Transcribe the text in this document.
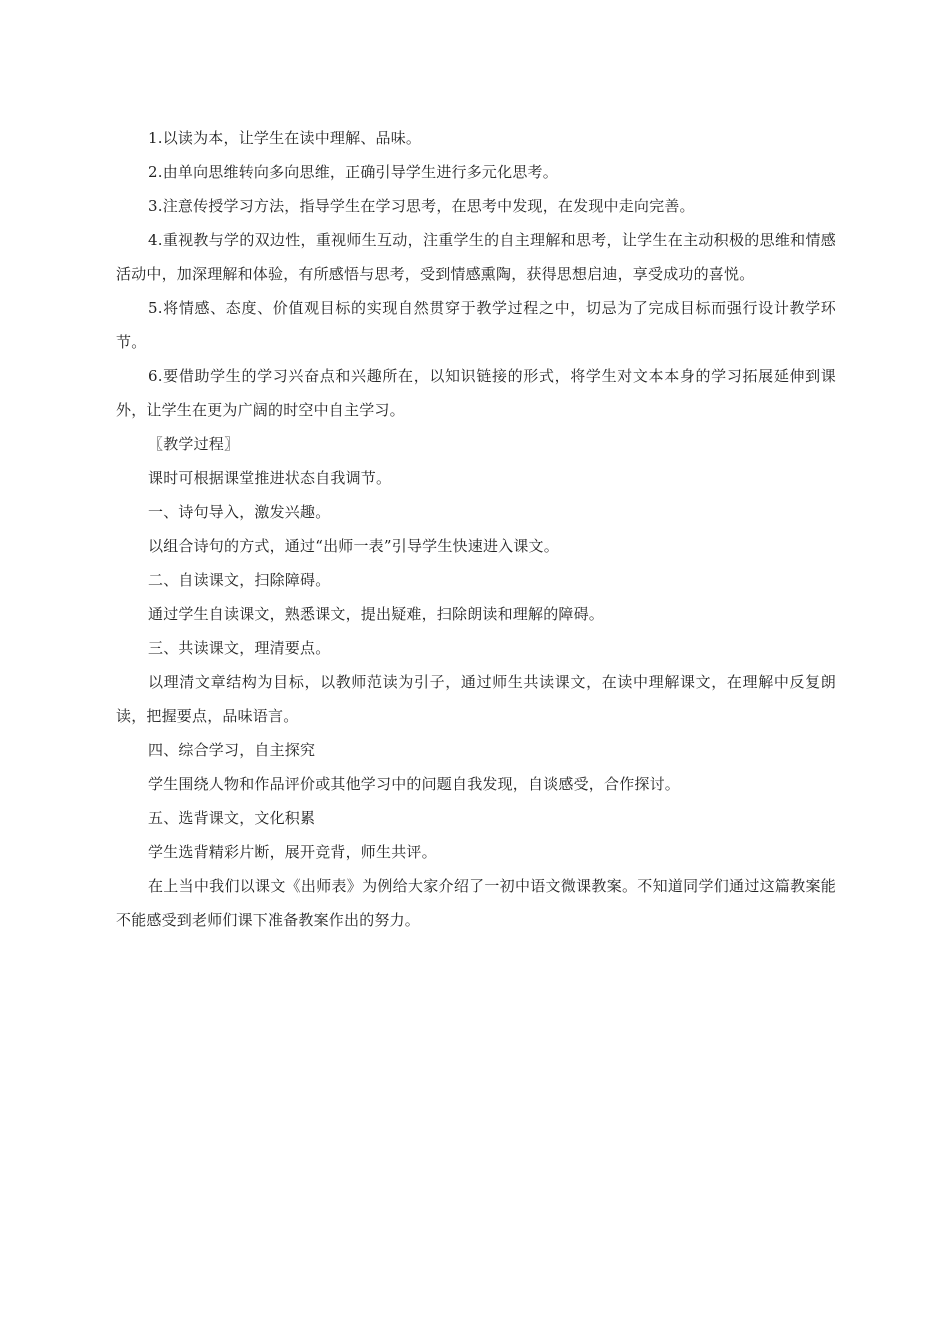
1.以读为本，让学生在读中理解、品味。

2.由单向思维转向多向思维，正确引导学生进行多元化思考。

3.注意传授学习方法，指导学生在学习思考，在思考中发现，在发现中走向完善。

4.重视教与学的双边性，重视师生互动，注重学生的自主理解和思考，让学生在主动积极的思维和情感活动中，加深理解和体验，有所感悟与思考，受到情感熏陶，获得思想启迪，享受成功的喜悦。

5.将情感、态度、价值观目标的实现自然贯穿于教学过程之中，切忌为了完成目标而强行设计教学环节。

6.要借助学生的学习兴奋点和兴趣所在，以知识链接的形式，将学生对文本本身的学习拓展延伸到课外，让学生在更为广阔的时空中自主学习。

〖教学过程〗

课时可根据课堂推进状态自我调节。

一、诗句导入，激发兴趣。

以组合诗句的方式，通过“出师一表”引导学生快速进入课文。

二、自读课文，扫除障碍。

通过学生自读课文，熟悉课文，提出疑难，扫除朗读和理解的障碍。

三、共读课文，理清要点。

以理清文章结构为目标，以教师范读为引子，通过师生共读课文，在读中理解课文，在理解中反复朗读，把握要点，品味语言。

四、综合学习，自主探究

学生围绕人物和作品评价或其他学习中的问题自我发现，自谈感受，合作探讨。

五、选背课文，文化积累

学生选背精彩片断，展开竞背，师生共评。

在上当中我们以课文《出师表》为例给大家介绍了一初中语文微课教案。不知道同学们通过这篇教案能不能感受到老师们课下准备教案作出的努力。
